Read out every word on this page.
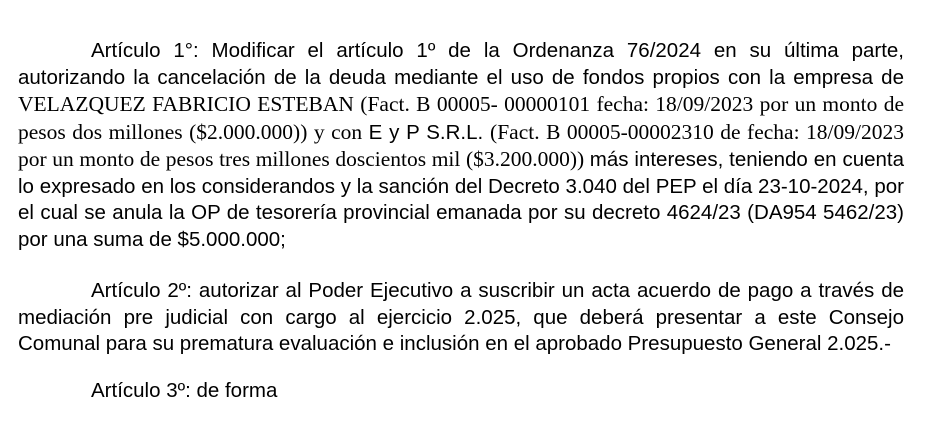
Artículo 1°: Modificar el artículo 1º de la Ordenanza 76/2024 en su última parte, autorizando la cancelación de la deuda mediante el uso de fondos propios con la empresa de VELAZQUEZ FABRICIO ESTEBAN (Fact. B 00005- 00000101 fecha: 18/09/2023 por un monto de pesos dos millones ($2.000.000)) y con E y P S.R.L. (Fact. B 00005-00002310 de fecha: 18/09/2023 por un monto de pesos tres millones doscientos mil ($3.200.000)) más intereses, teniendo en cuenta lo expresado en los considerandos y la sanción del Decreto 3.040 del PEP el día 23-10-2024, por el cual se anula la OP de tesorería provincial emanada por su decreto 4624/23 (DA954 5462/23) por una suma de $5.000.000;

Artículo 2º: autorizar al Poder Ejecutivo a suscribir un acta acuerdo de pago a través de mediación pre judicial con cargo al ejercicio 2.025, que deberá presentar a este Consejo Comunal para su prematura evaluación e inclusión en el aprobado Presupuesto General 2.025.-

Artículo 3º: de forma
